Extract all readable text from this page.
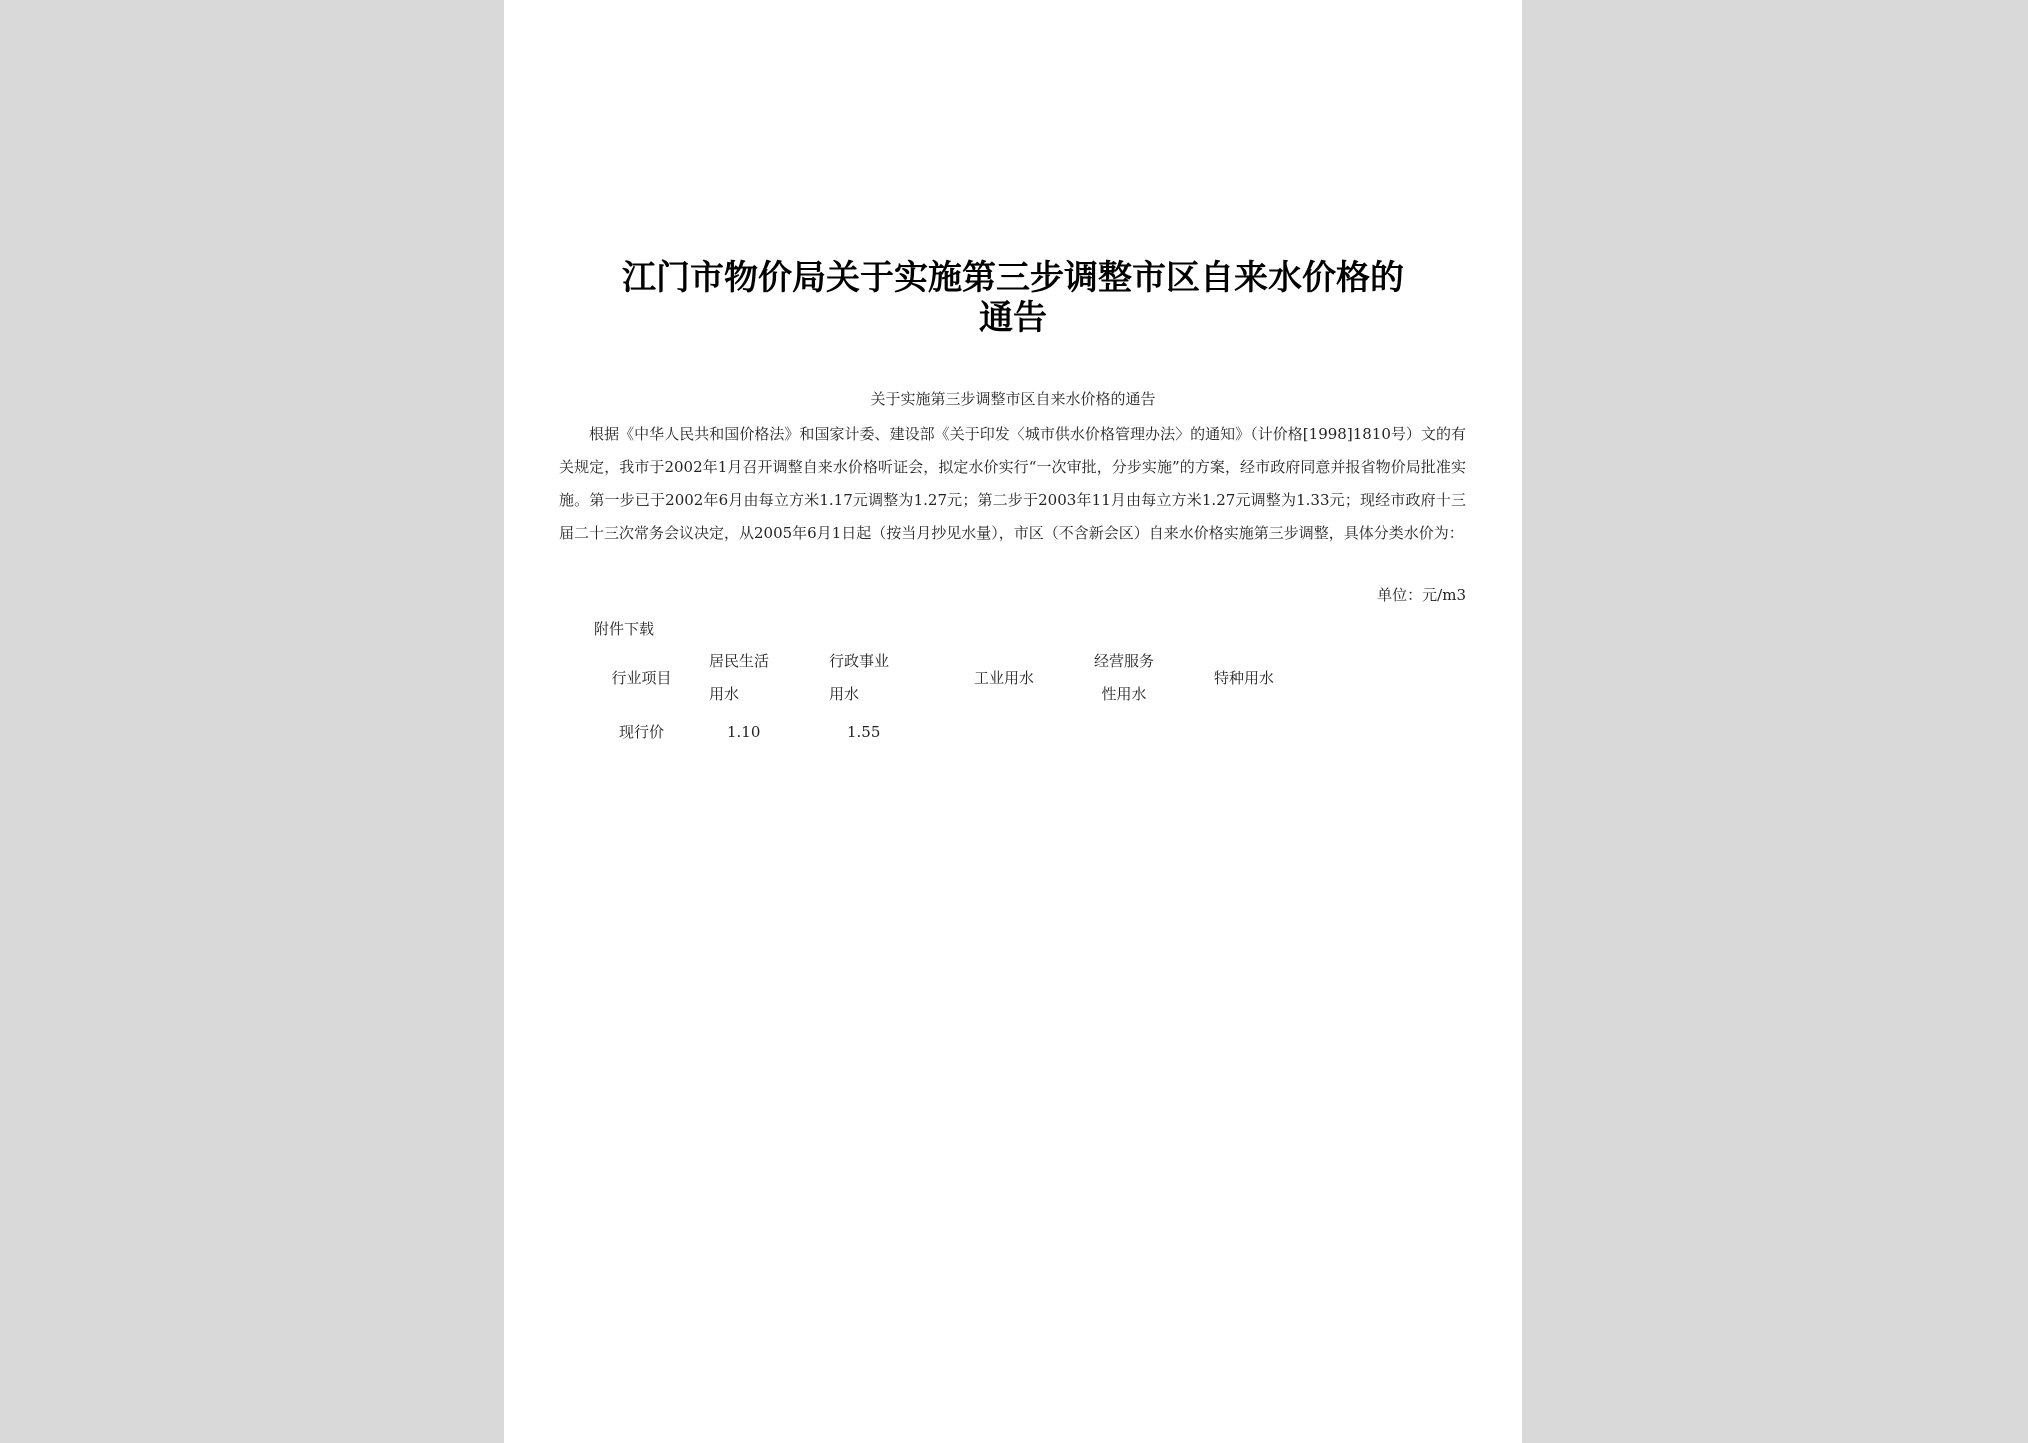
江门市物价局关于实施第三步调整市区自来水价格的
通告
关于实施第三步调整市区自来水价格的通告

　　根据《中华人民共和国价格法》和国家计委、建设部《关于印发〈城市供水价格管理办法〉的通知》（计价格[1998]1810号）文的有关规定，我市于2002年1月召开调整自来水价格听证会，拟定水价实行“一次审批，分步实施”的方案，经市政府同意并报省物价局批准实施。第一步已于2002年6月由每立方米1.17元调整为1.27元；第二步于2003年11月由每立方米1.27元调整为1.33元；现经市政府十三届二十三次常务会议决定，从2005年6月1日起（按当月抄见水量），市区（不含新会区）自来水价格实施第三步调整，具体分类水价为：

单位：元/m3
附件下载
行业项目
居民生活
用水
行政事业
用水
工业用水
经营服务
性用水
特种用水
现行价	1.10	1.55
